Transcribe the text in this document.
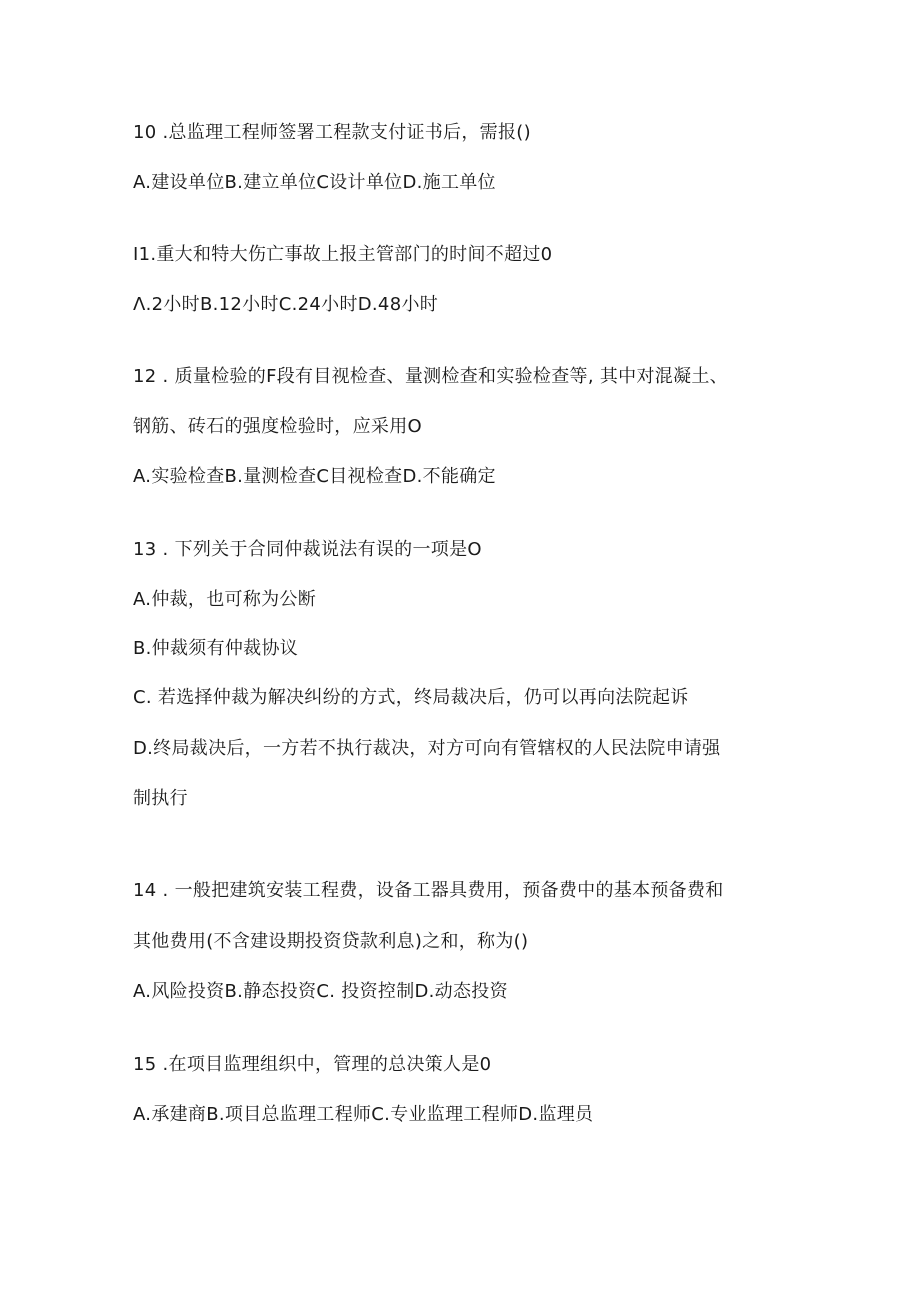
10 .总监理工程师签署工程款支付证书后，需报()
A.建设单位B.建立单位C设计单位D.施工单位
I1.重大和特大伤亡事故上报主管部门的时间不超过0
Λ.2小时B.12小时C.24小时D.48小时
12 . 质量检验的F段有目视检查、量测检查和实验检查等, 其中对混凝土、
钢筋、砖石的强度检验时，应采用O
A.实验检查B.量测检查C目视检查D.不能确定
13 . 下列关于合同仲裁说法有误的一项是O
A.仲裁，也可称为公断
B.仲裁须有仲裁协议
C. 若选择仲裁为解决纠纷的方式，终局裁决后，仍可以再向法院起诉
D.终局裁决后，一方若不执行裁决，对方可向有管辖权的人民法院申请强
制执行
14 . 一般把建筑安装工程费，设备工器具费用，预备费中的基本预备费和
其他费用(不含建设期投资贷款利息)之和，称为()
A.风险投资B.静态投资C. 投资控制D.动态投资
15 .在项目监理组织中，管理的总决策人是0
A.承建商B.项目总监理工程师C.专业监理工程师D.监理员
